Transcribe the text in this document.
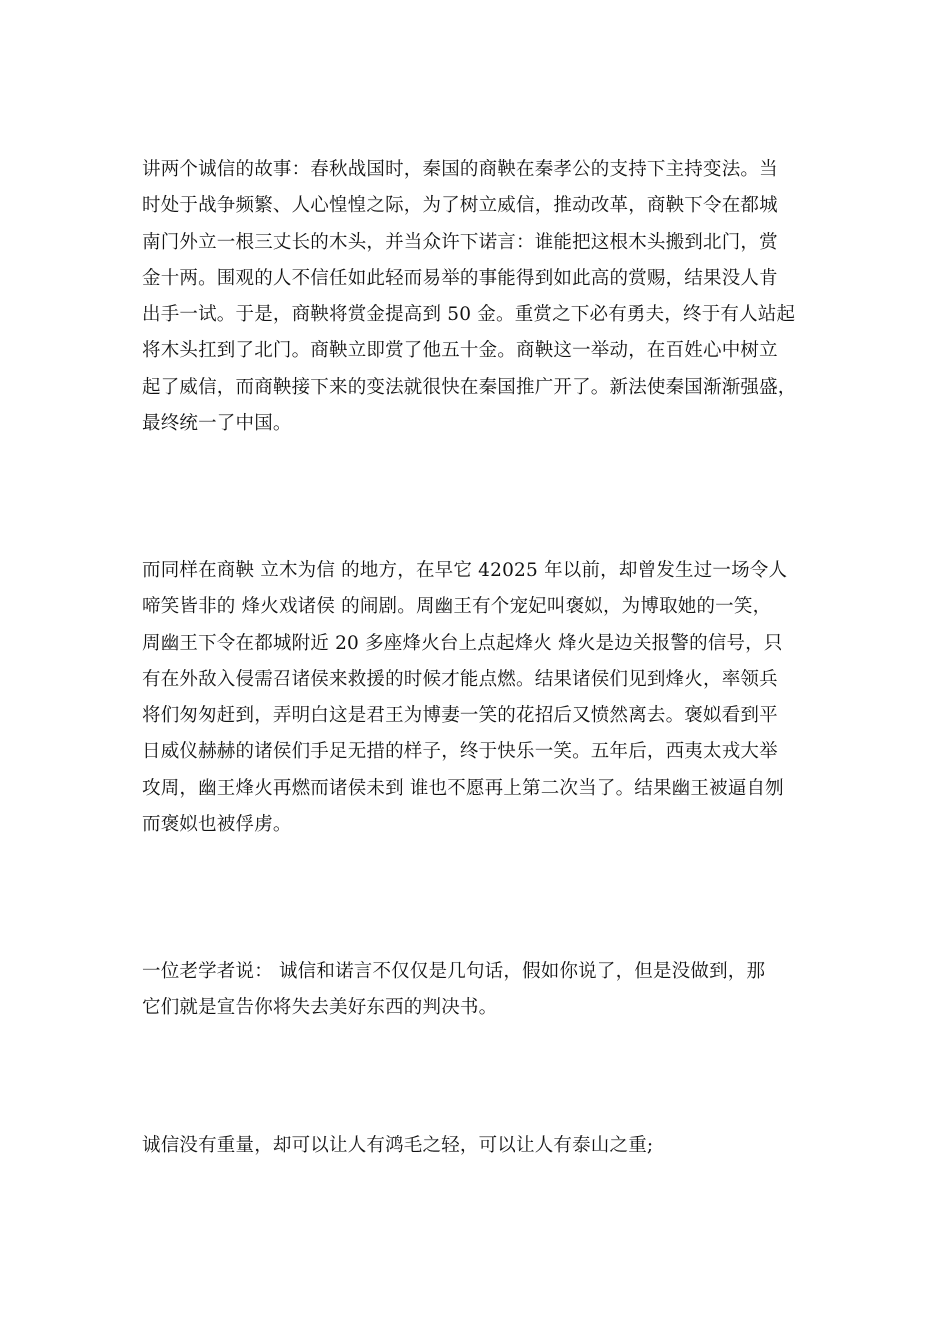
讲两个诚信的故事：春秋战国时，秦国的商鞅在秦孝公的支持下主持变法。当
时处于战争频繁、人心惶惶之际，为了树立威信，推动改革，商鞅下令在都城
南门外立一根三丈长的木头，并当众许下诺言：谁能把这根木头搬到北门，赏
金十两。围观的人不信任如此轻而易举的事能得到如此高的赏赐，结果没人肯
出手一试。于是，商鞅将赏金提高到 50 金。重赏之下必有勇夫，终于有人站起
将木头扛到了北门。商鞅立即赏了他五十金。商鞅这一举动，在百姓心中树立
起了威信，而商鞅接下来的变法就很快在秦国推广开了。新法使秦国渐渐强盛，
最终统一了中国。
而同样在商鞅 立木为信 的地方，在早它 42025 年以前，却曾发生过一场令人
啼笑皆非的 烽火戏诸侯 的闹剧。周幽王有个宠妃叫褒姒，为博取她的一笑，
周幽王下令在都城附近 20 多座烽火台上点起烽火 烽火是边关报警的信号，只
有在外敌入侵需召诸侯来救援的时候才能点燃。结果诸侯们见到烽火，率领兵
将们匆匆赶到，弄明白这是君王为博妻一笑的花招后又愤然离去。褒姒看到平
日威仪赫赫的诸侯们手足无措的样子，终于快乐一笑。五年后，西夷太戎大举
攻周，幽王烽火再燃而诸侯未到 谁也不愿再上第二次当了。结果幽王被逼自刎
而褒姒也被俘虏。
一位老学者说： 诚信和诺言不仅仅是几句话，假如你说了，但是没做到，那
它们就是宣告你将失去美好东西的判决书。
诚信没有重量，却可以让人有鸿毛之轻，可以让人有泰山之重;
